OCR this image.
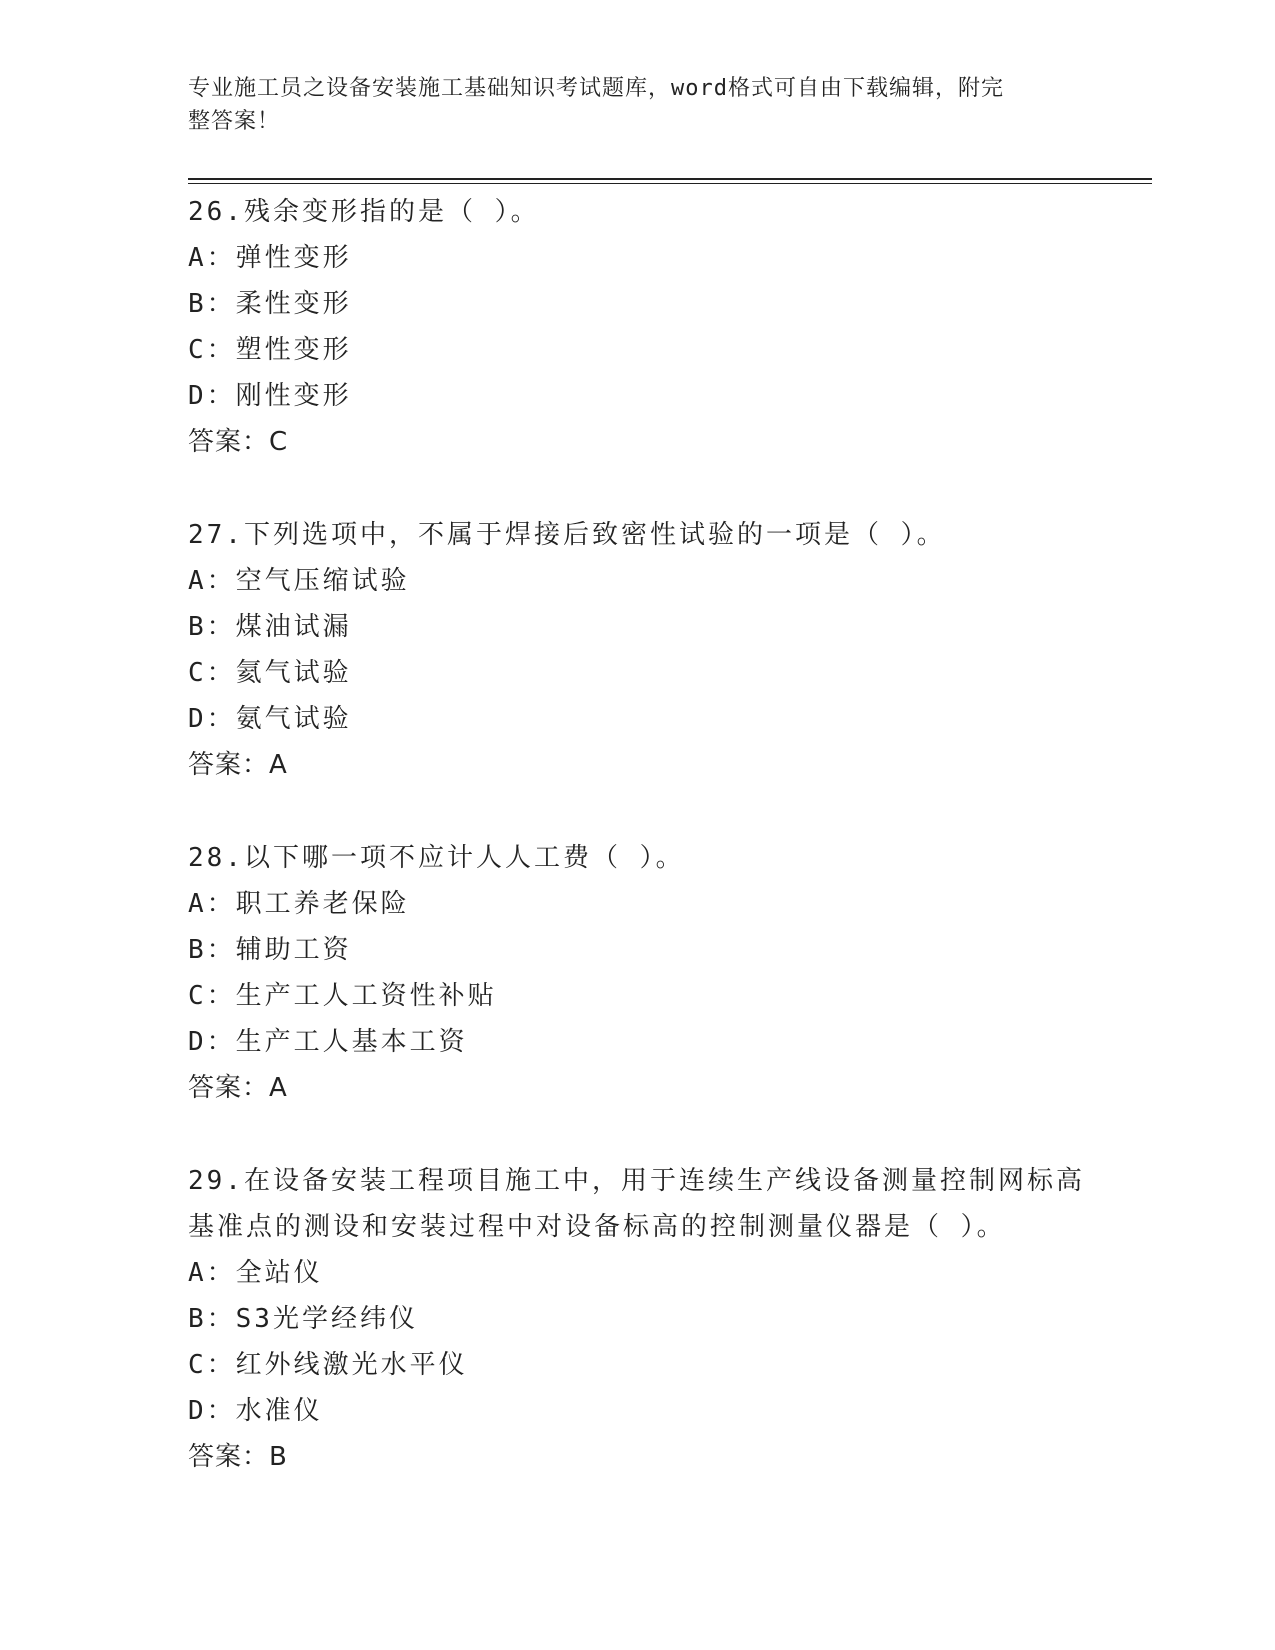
专业施工员之设备安装施工基础知识考试题库，word格式可自由下载编辑，附完
整答案！
26.残余变形指的是（ ）。
A：弹性变形
B：柔性变形
C：塑性变形
D：刚性变形
答案：C
27.下列选项中，不属于焊接后致密性试验的一项是（ ）。
A：空气压缩试验
B：煤油试漏
C：氦气试验
D：氨气试验
答案：A
28.以下哪一项不应计人人工费（ ）。
A：职工养老保险
B：辅助工资
C：生产工人工资性补贴
D：生产工人基本工资
答案：A
29.在设备安装工程项目施工中，用于连续生产线设备测量控制网标高
基准点的测设和安装过程中对设备标高的控制测量仪器是（ ）。
A：全站仪
B：S3光学经纬仪
C：红外线激光水平仪
D：水准仪
答案：B
